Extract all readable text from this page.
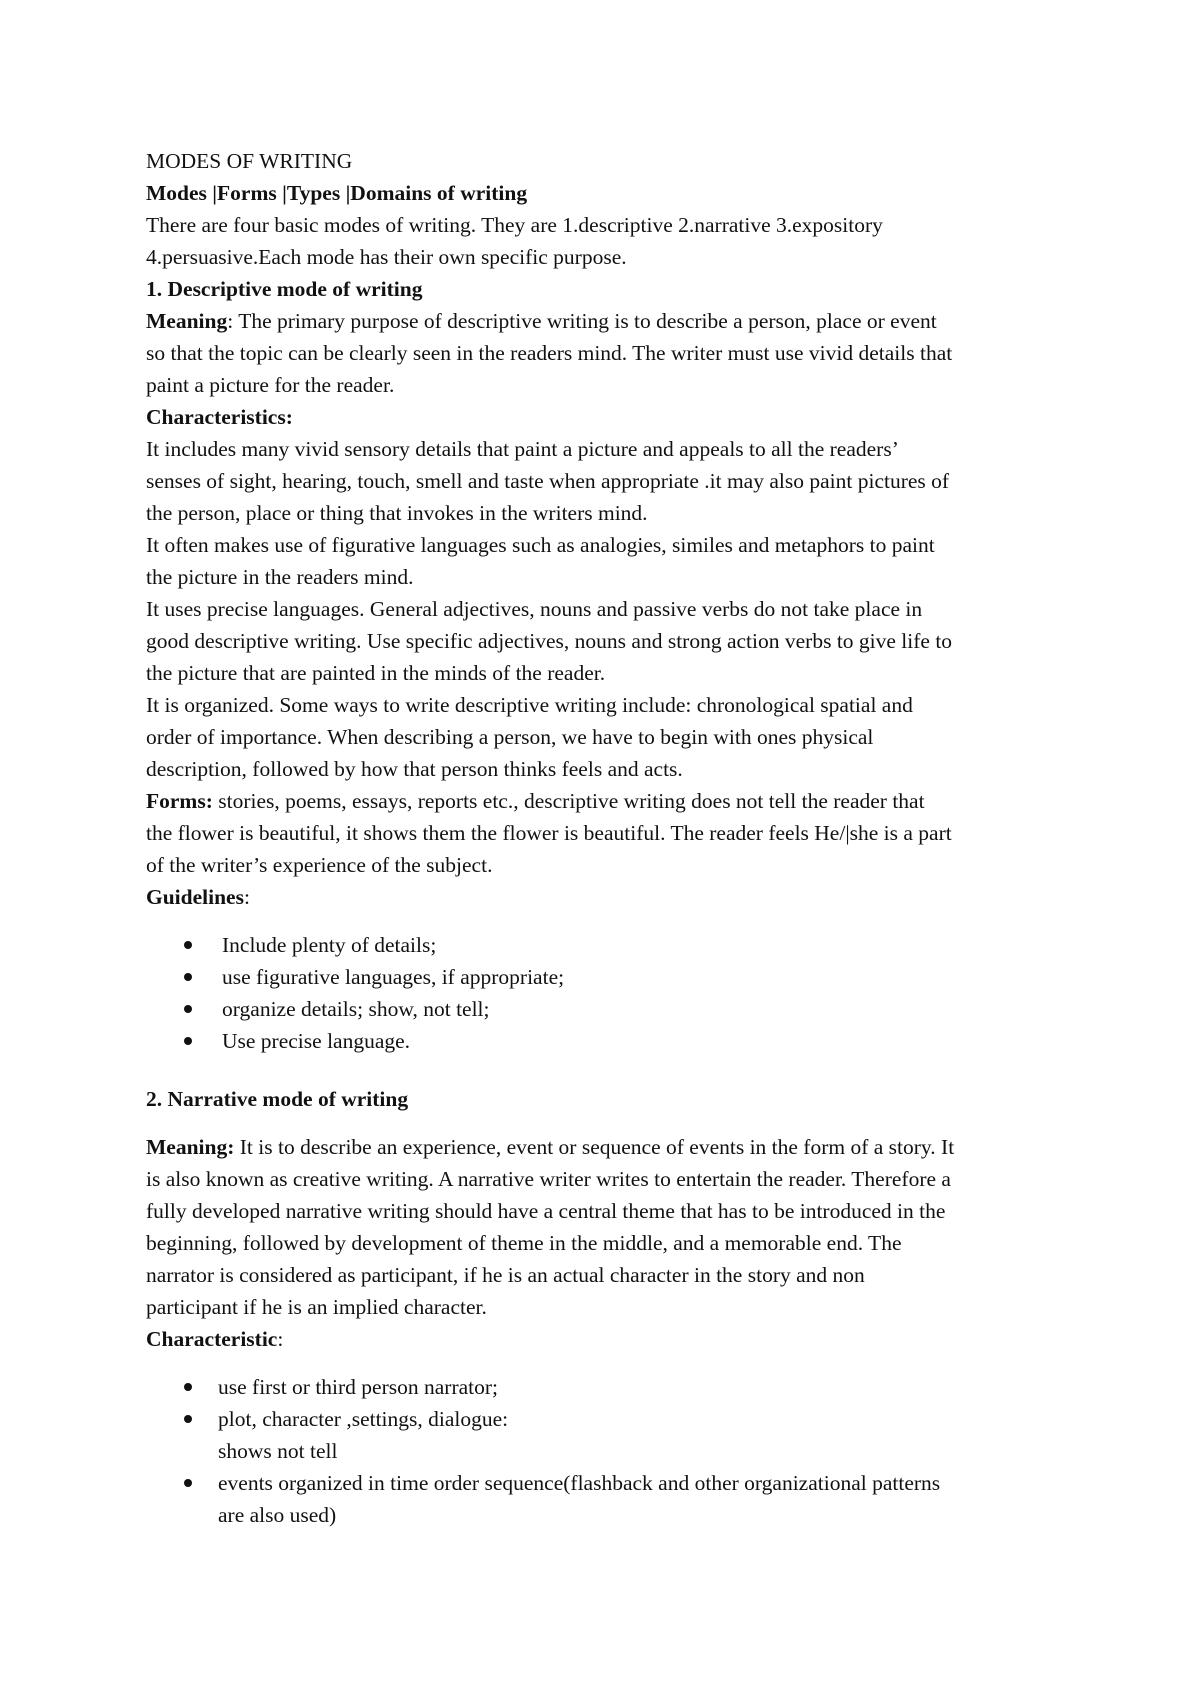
MODES OF WRITING
Modes |Forms |Types |Domains of writing
There are four basic modes of writing. They are 1.descriptive 2.narrative 3.expository
4.persuasive.Each mode has their own specific purpose.
1. Descriptive mode of writing
Meaning: The primary purpose of descriptive writing is to describe a person, place or event
so that the topic can be clearly seen in the readers mind. The writer must use vivid details that
paint a picture for the reader.
Characteristics:
It includes many vivid sensory details that paint a picture and appeals to all the readers’
senses of sight, hearing, touch, smell and taste when appropriate .it may also paint pictures of
the person, place or thing that invokes in the writers mind.
It often makes use of figurative languages such as analogies, similes and metaphors to paint
the picture in the readers mind.
It uses precise languages. General adjectives, nouns and passive verbs do not take place in
good descriptive writing. Use specific adjectives, nouns and strong action verbs to give life to
the picture that are painted in the minds of the reader.
It is organized. Some ways to write descriptive writing include: chronological spatial and
order of importance. When describing a person, we have to begin with ones physical
description, followed by how that person thinks feels and acts.
Forms: stories, poems, essays, reports etc., descriptive writing does not tell the reader that
the flower is beautiful, it shows them the flower is beautiful. The reader feels He/|she is a part
of the writer’s experience of the subject.
Guidelines:
Include plenty of details;
use figurative languages, if appropriate;
organize details; show, not tell;
Use precise language.
2. Narrative mode of writing
Meaning: It is to describe an experience, event or sequence of events in the form of a story. It
is also known as creative writing. A narrative writer writes to entertain the reader. Therefore a
fully developed narrative writing should have a central theme that has to be introduced in the
beginning, followed by development of theme in the middle, and a memorable end. The
narrator is considered as participant, if he is an actual character in the story and non
participant if he is an implied character.
Characteristic:
use first or third person narrator;
plot, character ,settings, dialogue:
shows not tell
events organized in time order sequence(flashback and other organizational patterns
are also used)
